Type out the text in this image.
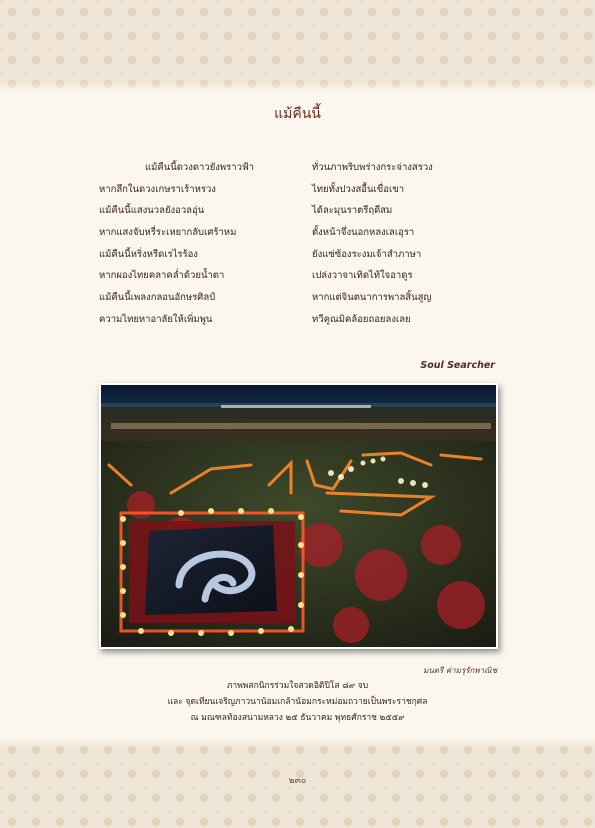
แม้คืนนี้
แม้คืนนี้ดวงดาวยังพราวฟ้า
หากลึกในดวงเกษราเร้าหรวง
แม้คืนนี้แสงนวลยังอวลอุ่น
หากแสงจับหรี่ระเหยากลับเศร้าหม
แม้คืนนี้หริ่งหรีดเรไรร้อง
หากผองไทยคลาคล่ำด้วยน้ำตา
แม้คืนนี้เพลงกลอนอักษรศิลป์
ความไทยหาอาลัยให้เพิ่มพูน
ทั่วนภาพริบพร่างกระจ่างสรวง
ไทยทั้งปวงสอื้นเขื่อเขา
ได้ละมุนราตรีฤดีสม
ตั้งหน้าจึ่งนอกหลงเลเอุรา
ยังแซ่ซ้องระงมเจ้าสำภาษา
เปล่งวาจาเทิดไท้ใจอาดูร
หากแต่จินตนาการพาลสิ้นสูญ
ทวีคูณมิคล้อยถอยลงเลย
Soul Searcher
มนตรี ค่ามรุรักพาณิช
ภาพพสกนิกรร่วมใจสวดอิติปิโส ๘๙ จบ
และ จุดเทียนเจริญภาวนาน้อมเกล้าน้อมกระหม่อมถวายเป็นพระราชกุศล
ณ มณฑลท้องสนามหลวง ๒๕ ธันวาคม พุทธศักราช ๒๕๕๙
๒๓๐
